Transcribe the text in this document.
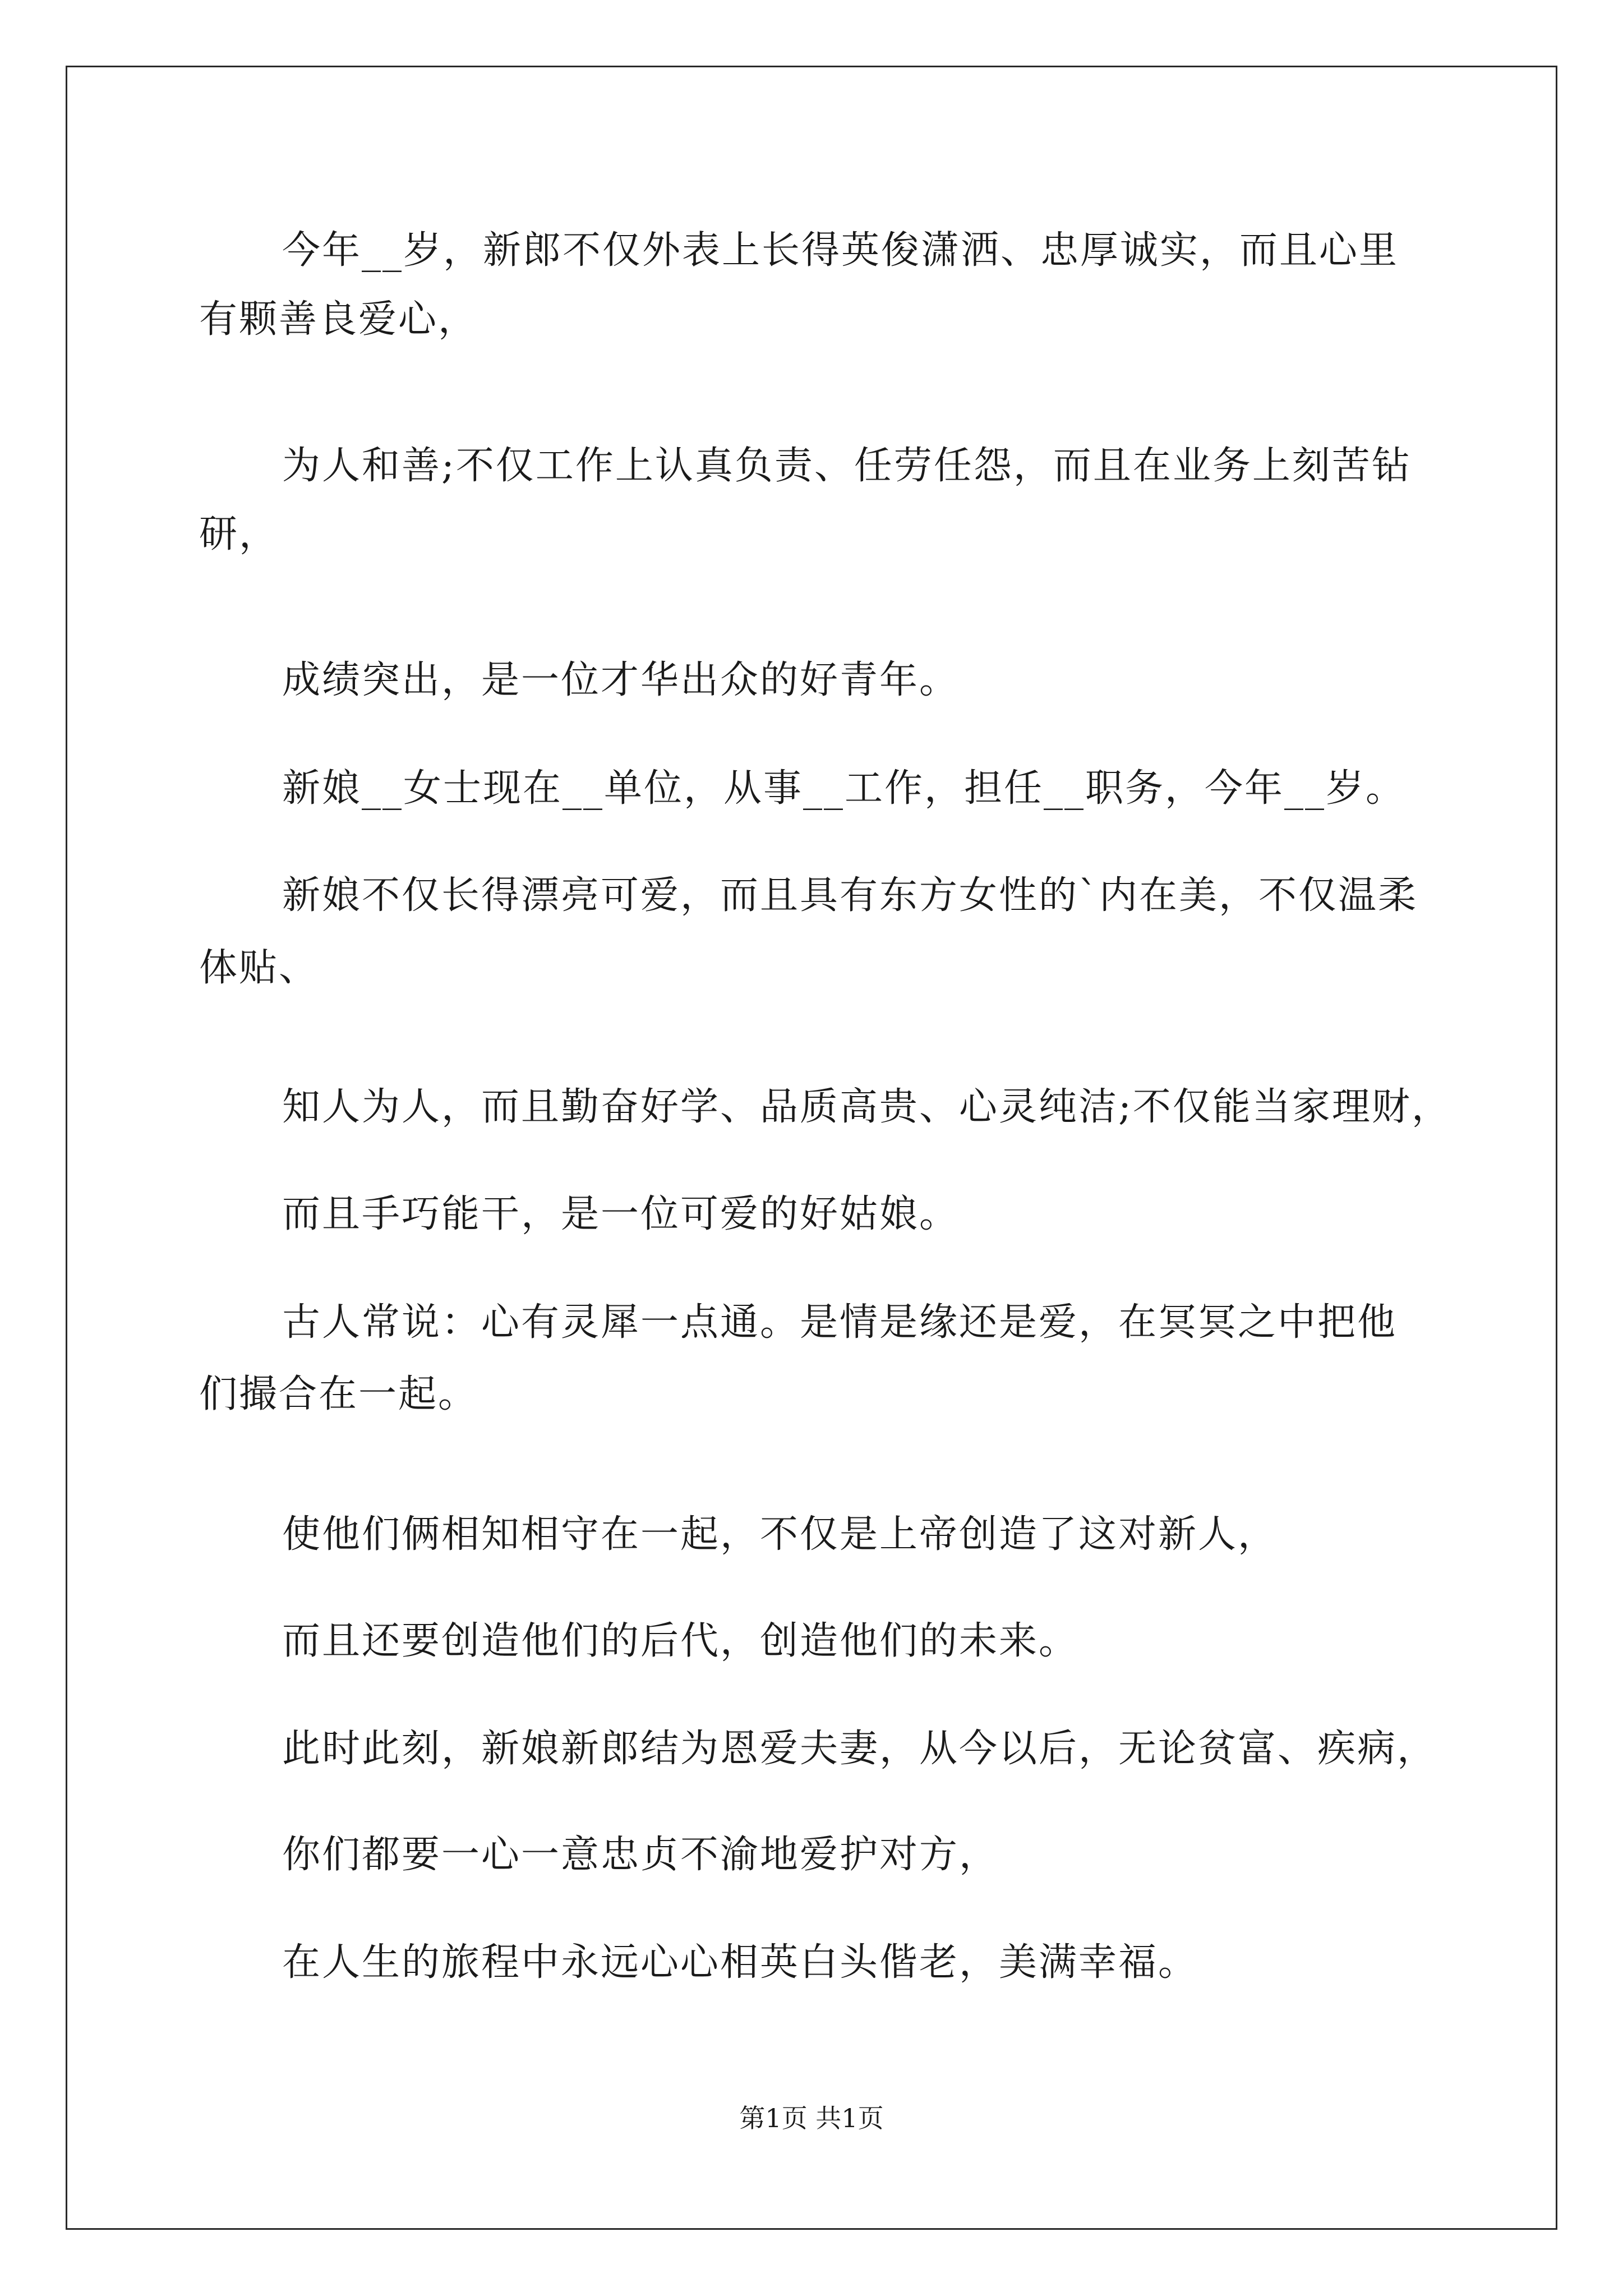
今年__岁，新郎不仅外表上长得英俊潇洒、忠厚诚实，而且心里
有颗善良爱心，
为人和善;不仅工作上认真负责、任劳任怨，而且在业务上刻苦钻
研，
成绩突出，是一位才华出众的好青年。
新娘__女士现在__单位，从事__工作，担任__职务，今年__岁。
新娘不仅长得漂亮可爱，而且具有东方女性的`内在美，不仅温柔
体贴、
知人为人，而且勤奋好学、品质高贵、心灵纯洁;不仅能当家理财，
而且手巧能干，是一位可爱的好姑娘。
古人常说：心有灵犀一点通。是情是缘还是爱，在冥冥之中把他
们撮合在一起。
使他们俩相知相守在一起，不仅是上帝创造了这对新人，
而且还要创造他们的后代，创造他们的未来。
此时此刻，新娘新郎结为恩爱夫妻，从今以后，无论贫富、疾病，
你们都要一心一意忠贞不渝地爱护对方，
在人生的旅程中永远心心相英白头偕老，美满幸福。
第1页 共1页
